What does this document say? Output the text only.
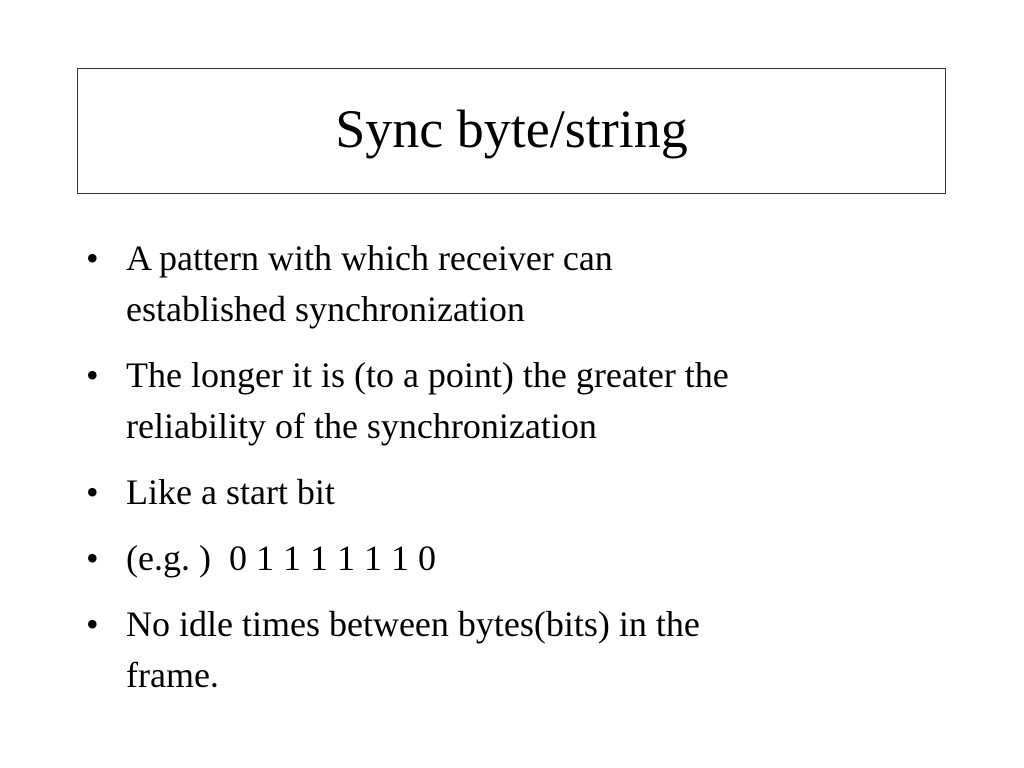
Sync byte/string
• A pattern with which receiver can
established synchronization
• The longer it is (to a point) the greater the
reliability of the synchronization
• Like a start bit
• (e.g. )  0 1 1 1 1 1 1 0
• No idle times between bytes(bits) in the
frame.
